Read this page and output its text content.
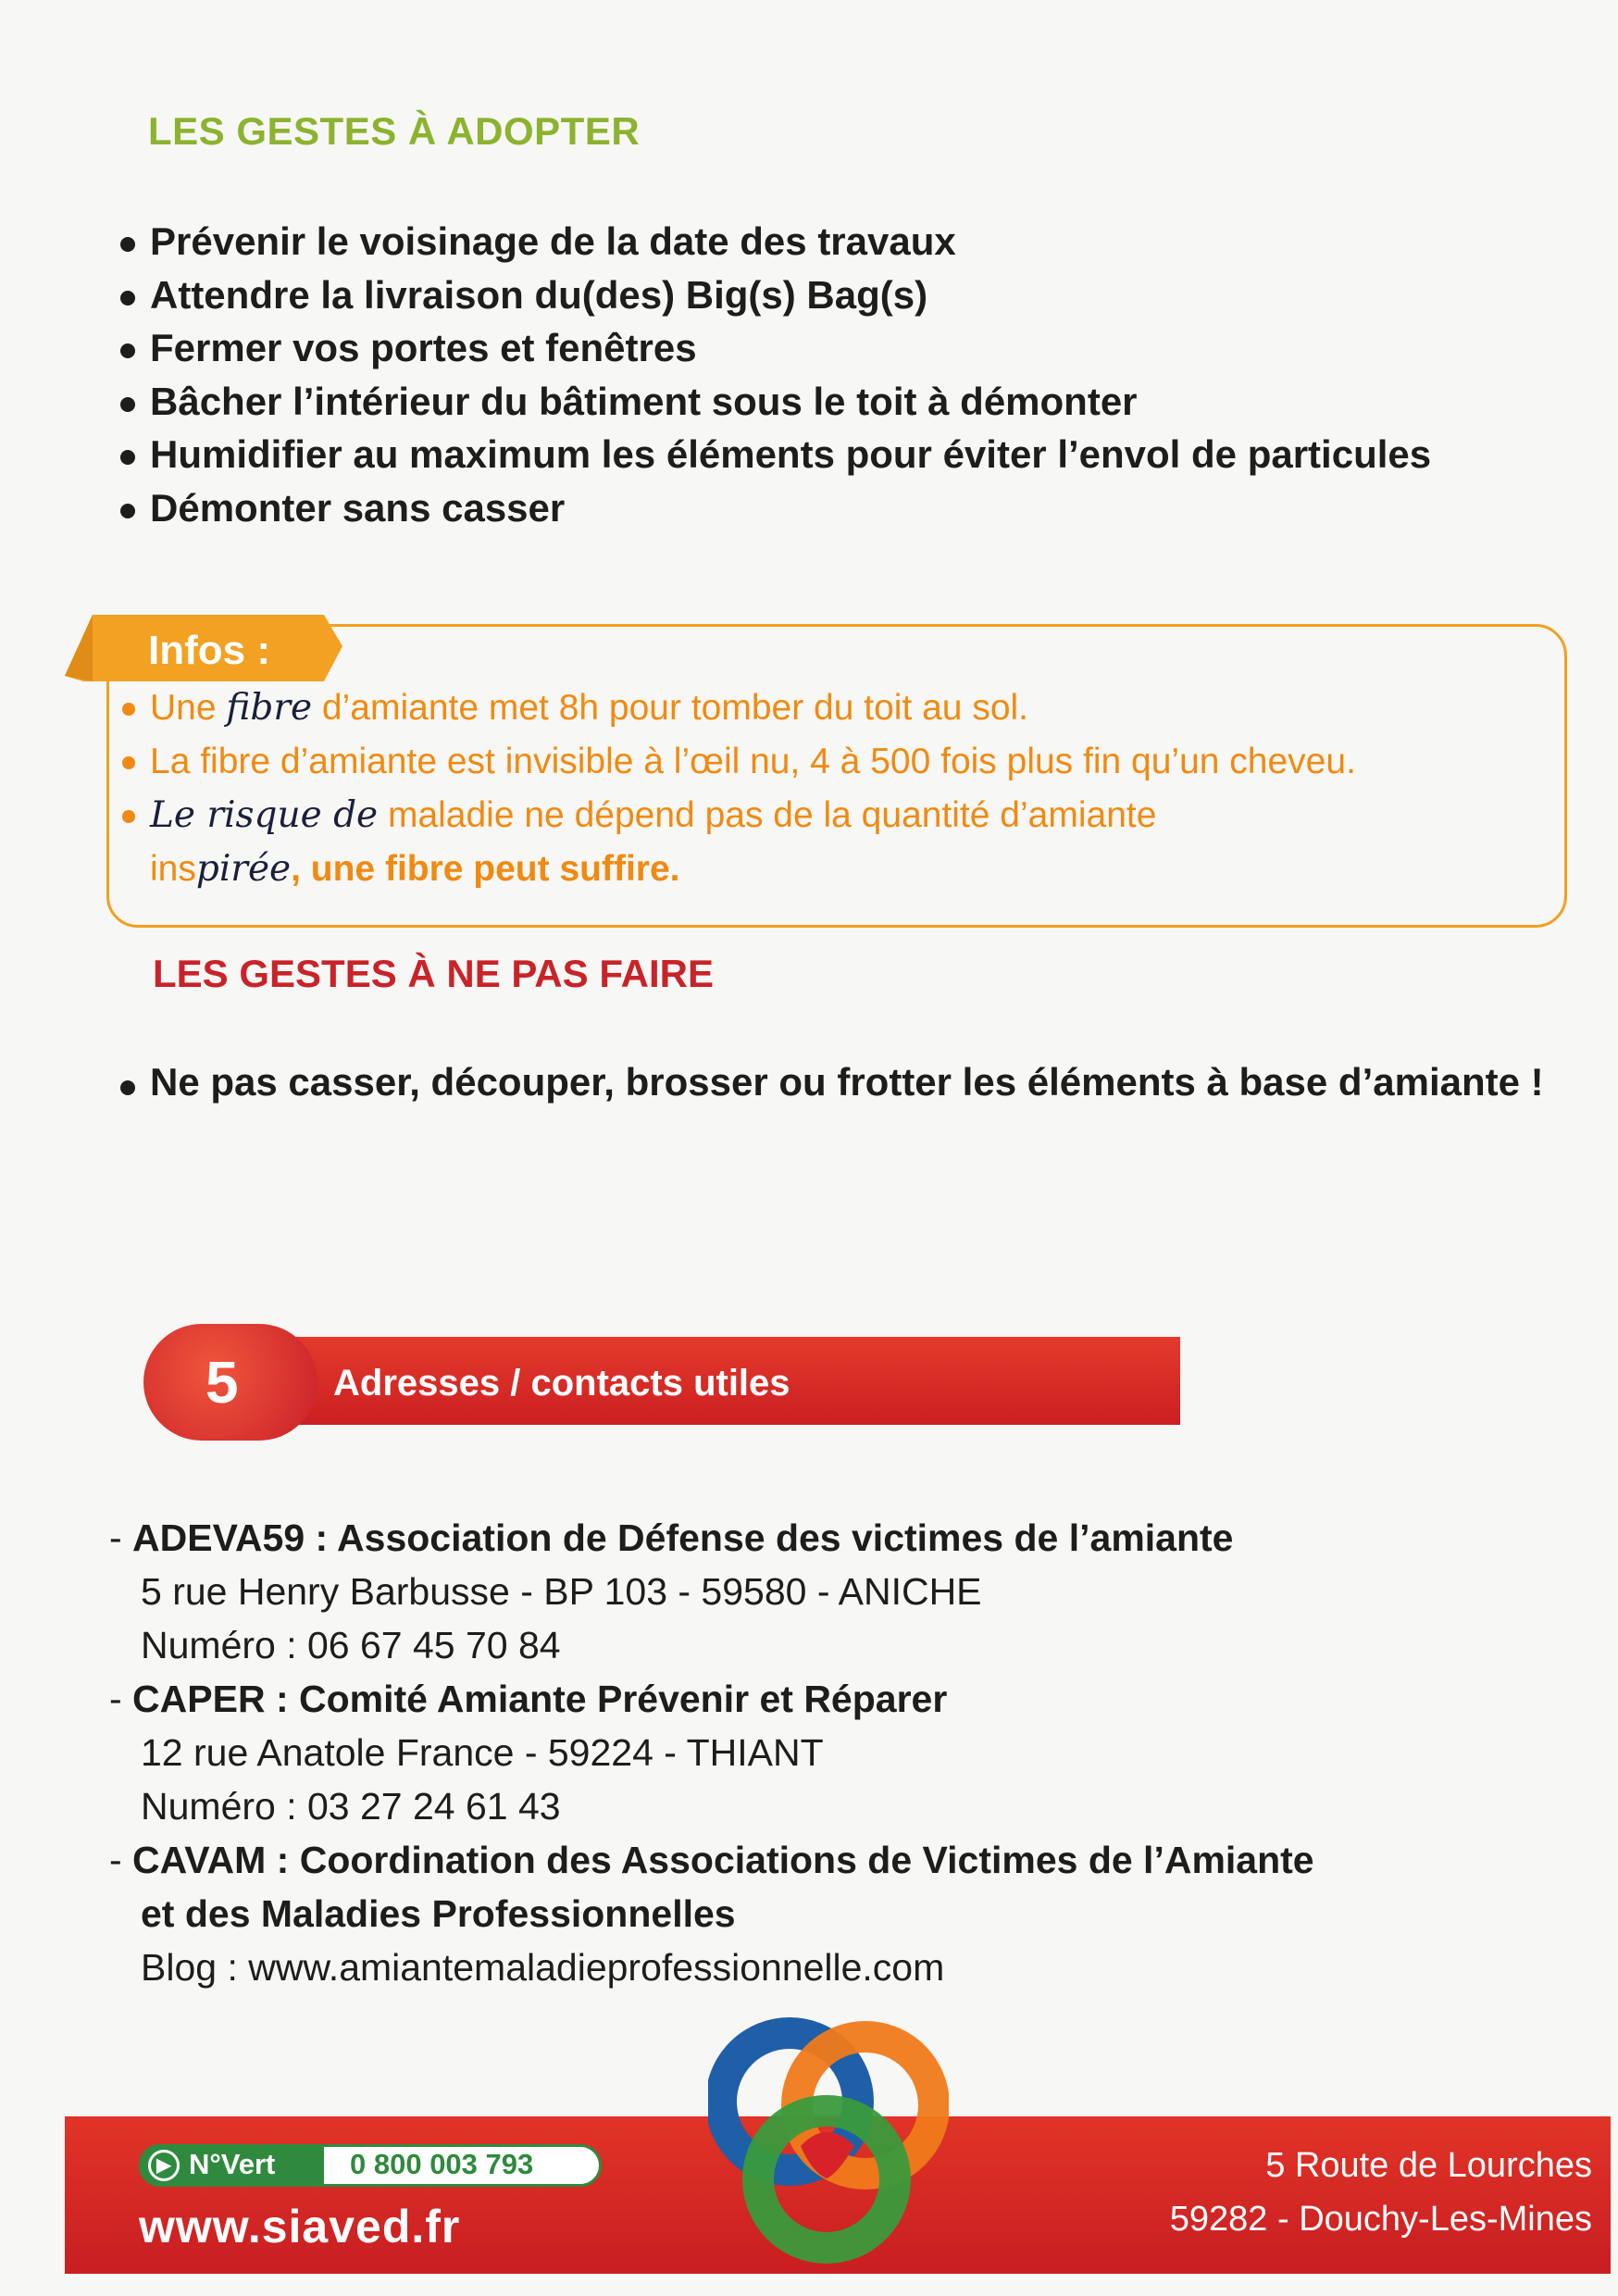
LES GESTES À ADOPTER
Prévenir le voisinage de la date des travaux
Attendre la livraison du(des) Big(s) Bag(s)
Fermer vos portes et fenêtres
Bâcher l’intérieur du bâtiment sous le toit à démonter
Humidifier au maximum les éléments pour éviter l’envol de particules
Démonter sans casser
Infos :
Une fibre d’amiante met 8h pour tomber du toit au sol.
La fibre d’amiante est invisible à l’œil nu, 4 à 500 fois plus fin qu’un cheveu.
Le risque de maladie ne dépend pas de la quantité d’amiante
inspirée, une fibre peut suffire.
LES GESTES À NE PAS FAIRE
Ne pas casser, découper, brosser ou frotter les éléments à base d’amiante !
5	Adresses / contacts utiles
- ADEVA59 : Association de Défense des victimes de l’amiante
5 rue Henry Barbusse - BP 103 - 59580 - ANICHE
Numéro : 06 67 45 70 84
- CAPER : Comité Amiante Prévenir et Réparer
12 rue Anatole France - 59224 - THIANT
Numéro : 03 27 24 61 43
- CAVAM : Coordination des Associations de Victimes de l’Amiante
et des Maladies Professionnelles
Blog : www.amiantemaladieprofessionnelle.com
▶ N°Vert	0 800 003 793
www.siaved.fr
5 Route de Lourches
59282 - Douchy-Les-Mines
